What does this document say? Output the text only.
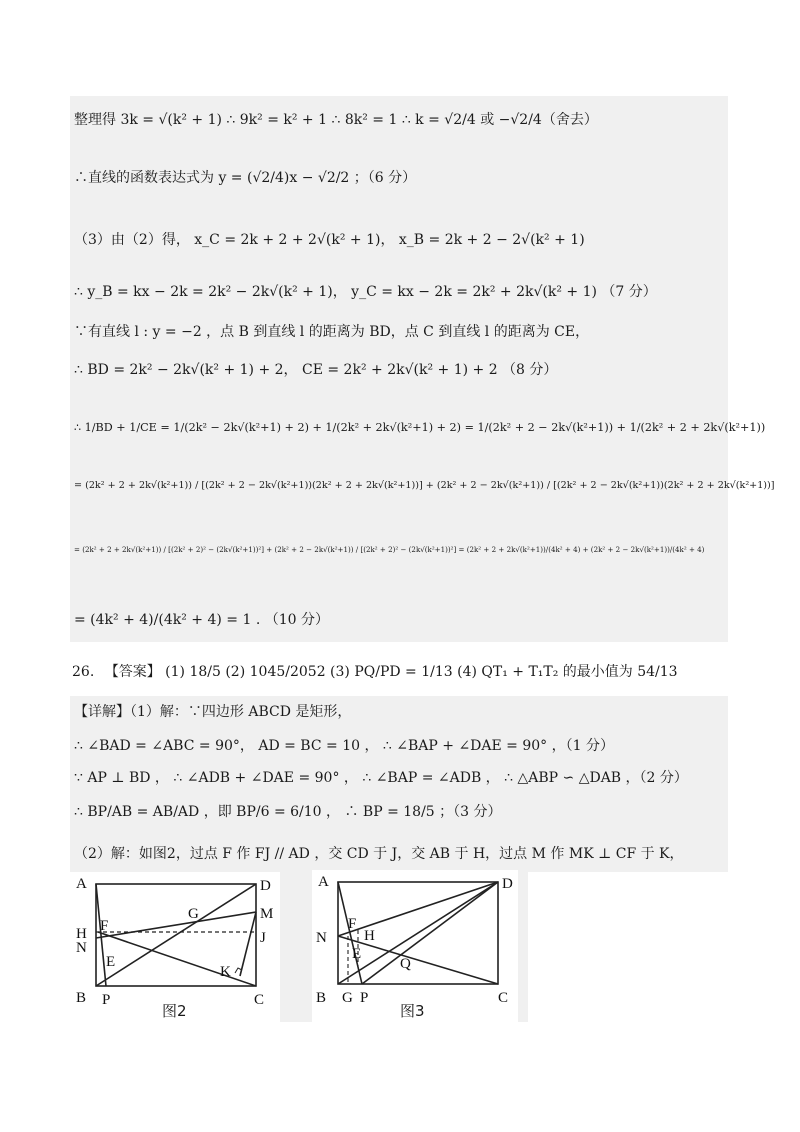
整理得 3k = √(k² + 1) ∴ 9k² = k² + 1 ∴ 8k² = 1 ∴ k = √2/4 或 −√2/4（舍去）
∴直线的函数表达式为 y = (√2/4)x − √2/2 ；（6 分）
（3）由（2）得， x_C = 2k + 2 + 2√(k² + 1)， x_B = 2k + 2 − 2√(k² + 1)
∴ y_B = kx − 2k = 2k² − 2k√(k² + 1)， y_C = kx − 2k = 2k² + 2k√(k² + 1) （7 分）
∵有直线 l : y = −2 ，点 B 到直线 l 的距离为 BD，点 C 到直线 l 的距离为 CE，
∴ BD = 2k² − 2k√(k² + 1) + 2， CE = 2k² + 2k√(k² + 1) + 2 （8 分）
∴ 1/BD + 1/CE = 1/(2k² − 2k√(k²+1) + 2) + 1/(2k² + 2k√(k²+1) + 2) = 1/(2k² + 2 − 2k√(k²+1)) + 1/(2k² + 2 + 2k√(k²+1))
= (2k² + 2 + 2k√(k²+1)) / [(2k² + 2 − 2k√(k²+1))(2k² + 2 + 2k√(k²+1))] + (2k² + 2 − 2k√(k²+1)) / [(2k² + 2 − 2k√(k²+1))(2k² + 2 + 2k√(k²+1))]
= (2k² + 2 + 2k√(k²+1)) / [(2k² + 2)² − (2k√(k²+1))²] + (2k² + 2 − 2k√(k²+1)) / [(2k² + 2)² − (2k√(k²+1))²] = (2k² + 2 + 2k√(k²+1))/(4k² + 4) + (2k² + 2 − 2k√(k²+1))/(4k² + 4)
= (4k² + 4)/(4k² + 4) = 1 . （10 分）
26. 【答案】 (1) 18/5 (2) 1045/2052 (3) PQ/PD = 1/13 (4) QT₁ + T₁T₂ 的最小值为 54/13
【详解】（1）解：∵四边形 ABCD 是矩形，
∴ ∠BAD = ∠ABC = 90°， AD = BC = 10 ， ∴ ∠BAP + ∠DAE = 90° ，（1 分）
∵ AP ⊥ BD ， ∴ ∠ADB + ∠DAE = 90° ， ∴ ∠BAP = ∠ADB ， ∴ △ABP ∽ △DAB ，（2 分）
∴ BP/AB = AB/AD ，即 BP/6 = 6/10 ， ∴ BP = 18/5 ；（3 分）
（2）解：如图2，过点 F 作 FJ // AD ，交 CD 于 J，交 AB 于 H，过点 M 作 MK ⊥ CF 于 K，
A	D
M
G
F
H
N
J
E
K
B P	C
图2
A	D
F
H
N
E
Q
B G P	C
图3
